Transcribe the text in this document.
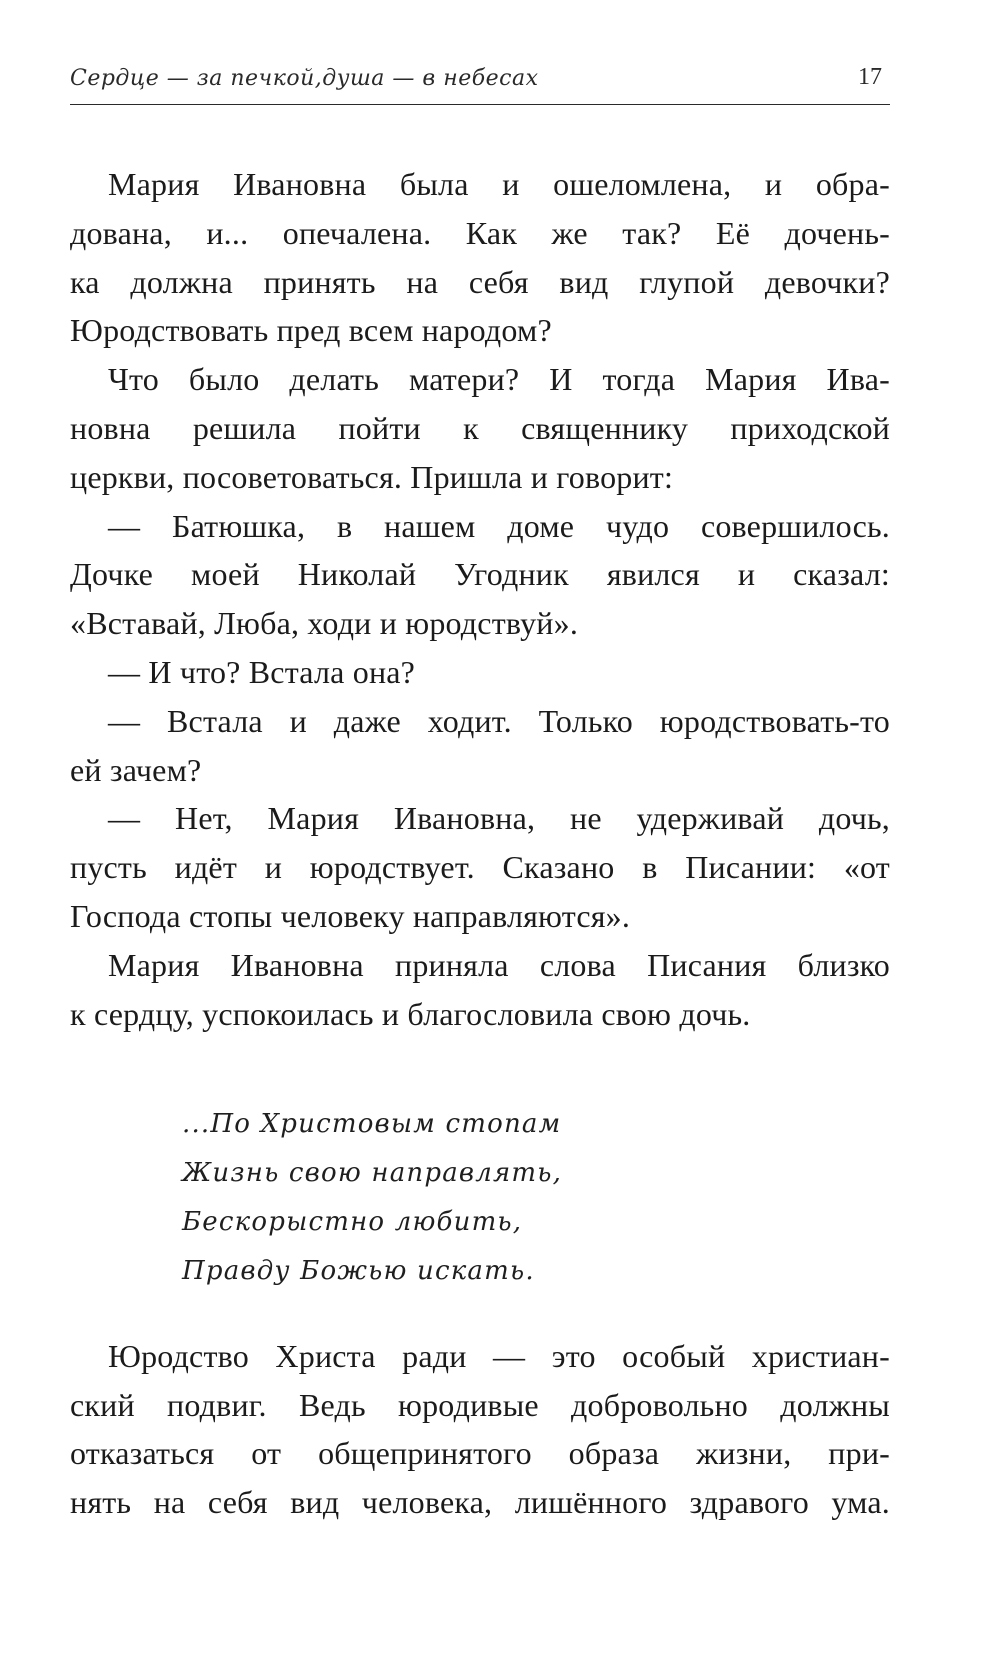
Сердце — за печкой,душа — в небесах	17
Мария Ивановна была и ошеломлена, и обра-
дована, и... опечалена. Как же так? Её дочень-
ка должна принять на себя вид глупой девочки?
Юродствовать пред всем народом?
Что было делать матери? И тогда Мария Ива-
новна решила пойти к священнику приходской
церкви, посоветоваться. Пришла и говорит:
— Батюшка, в нашем доме чудо совершилось.
Дочке моей Николай Угодник явился и сказал:
«Вставай, Люба, ходи и юродствуй».
— И что? Встала она?
— Встала и даже ходит. Только юродствовать-то
ей зачем?
— Нет, Мария Ивановна, не удерживай дочь,
пусть идёт и юродствует. Сказано в Писании: «от
Господа стопы человеку направляются».
Мария Ивановна приняла слова Писания близко
к сердцу, успокоилась и благословила свою дочь.
...По Христовым стопам
Жизнь свою направлять,
Бескорыстно любить,
Правду Божью искать.
Юродство Христа ради — это особый христиан-
ский подвиг. Ведь юродивые добровольно должны
отказаться от общепринятого образа жизни, при-
нять на себя вид человека, лишённого здравого ума.
